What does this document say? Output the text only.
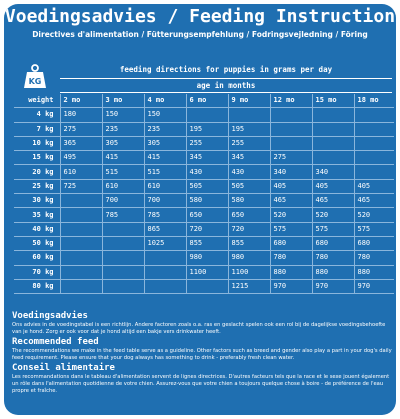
Voedingsadvies / Feeding Instruction
Directives d'alimentation / Fütterungsempfehlung / Fodringsvejledning / Föring
KG
feeding directions for puppies in grams per day
age in months
weight	2 mo	3 mo	4 mo	6 mo	9 mo	12 mo	15 mo	18 mo
4 kg	180	150	150					
7 kg	275	235	235	195	195			
10 kg	365	305	305	255	255			
15 kg	495	415	415	345	345	275		
20 kg	610	515	515	430	430	340	340	
25 kg	725	610	610	505	505	405	405	405
30 kg		700	700	580	580	465	465	465
35 kg		785	785	650	650	520	520	520
40 kg			865	720	720	575	575	575
50 kg			1025	855	855	680	680	680
60 kg				980	980	780	780	780
70 kg				1100	1100	880	880	880
80 kg					1215	970	970	970

Voedingsadvies

Ons advies in de voedingstabel is een richtlijn. Andere factoren zoals o.a. ras en geslacht spelen ook een rol bij de dagelijkse voedingsbehoefte van je hond. Zorg er ook voor dat je hond altijd een bakje vers drinkwater heeft.

Recommended feed

The recommendations we make in the feed table serve as a guideline. Other factors such as breed and gender also play a part in your dog's daily feed requirement. Please ensure that your dog always has something to drink - preferably fresh clean water.

Conseil alimentaire

Les recommandations dans le tableau d'alimentation servent de lignes directrices. D'autres facteurs tels que la race et le sexe jouent également un rôle dans l'alimentation quotidienne de votre chien. Assurez-vous que votre chien a toujours quelque chose à boire - de préférence de l'eau propre et fraîche.
